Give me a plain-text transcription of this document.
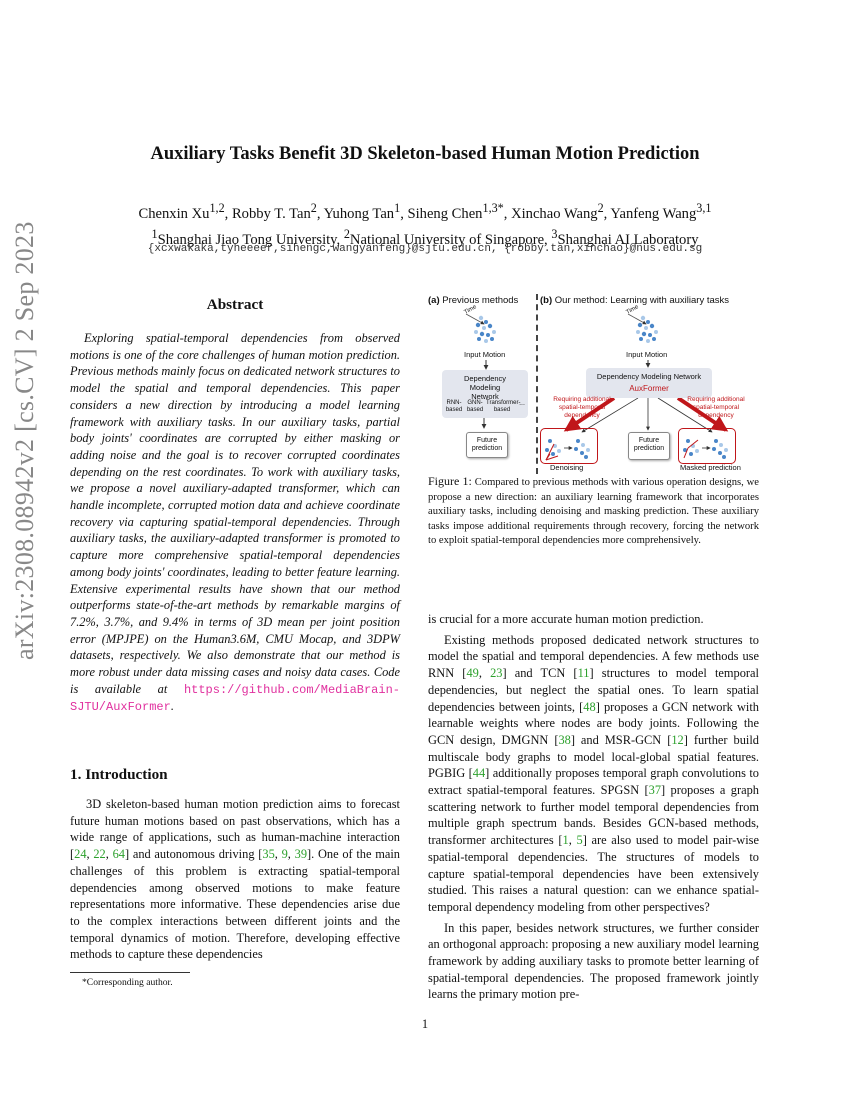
arXiv:2308.08942v2 [cs.CV] 2 Sep 2023
Auxiliary Tasks Benefit 3D Skeleton-based Human Motion Prediction
Chenxin Xu$^{1,2}$, Robby T. Tan$^2$, Yuhong Tan$^1$, Siheng Chen$^{1,3*}$, Xinchao Wang$^2$, Yanfeng Wang$^{3,1}$
$^1$Shanghai Jiao Tong University, $^2$National University of Singapore, $^3$Shanghai AI Laboratory
{xcxwakaka,tyheeeer,sihengc,wangyanfeng}@sjtu.edu.cn, {robby.tan,xinchao}@nus.edu.sg
Abstract
Exploring spatial-temporal dependencies from observed motions is one of the core challenges of human motion prediction. Previous methods mainly focus on dedicated network structures to model the spatial and temporal dependencies. This paper considers a new direction by introducing a model learning framework with auxiliary tasks. In our auxiliary tasks, partial body joints' coordinates are corrupted by either masking or adding noise and the goal is to recover corrupted coordinates depending on the rest coordinates. To work with auxiliary tasks, we propose a novel auxiliary-adapted transformer, which can handle incomplete, corrupted motion data and achieve coordinate recovery via capturing spatial-temporal dependencies. Through auxiliary tasks, the auxiliary-adapted transformer is promoted to capture more comprehensive spatial-temporal dependencies among body joints' coordinates, leading to better feature learning. Extensive experimental results have shown that our method outperforms state-of-the-art methods by remarkable margins of 7.2%, 3.7%, and 9.4% in terms of 3D mean per joint position error (MPJPE) on the Human3.6M, CMU Mocap, and 3DPW datasets, respectively. We also demonstrate that our method is more robust under data missing cases and noisy data cases. Code is available at https://github.com/MediaBrain-SJTU/AuxFormer.
1. Introduction

3D skeleton-based human motion prediction aims to forecast future human motions based on past observations, which has a wide range of applications, such as human-machine interaction [24, 22, 64] and autonomous driving [35, 9, 39]. One of the main challenges of this problem is extracting spatial-temporal dependencies among observed motions to make feature representations more informative. These dependencies arise due to the complex interactions between different joints and the temporal dynamics of motion. Therefore, developing effective methods to capture these dependencies

*Corresponding author.
1
(a) Previous methods (b) Our method: Learning with auxiliary tasks
Time	Time
Input Motion	Input Motion
Dependency Modeling Network
RNN-based
GNN-based
Transformer-based
...
Future prediction
Dependency Modeling Network
AuxFormer
Requiring additional spatial-temporal dependency
Requiring additional spatial-temporal dependency
Future prediction
Denoising	Masked prediction
Figure 1: Compared to previous methods with various operation designs, we propose a new direction: an auxiliary learning framework that incorporates auxiliary tasks, including denoising and masking prediction. These auxiliary tasks impose additional requirements through recovery, forcing the network to exploit spatial-temporal dependencies more comprehensively.

is crucial for a more accurate human motion prediction.

Existing methods proposed dedicated network structures to model the spatial and temporal dependencies. A few methods use RNN [49, 23] and TCN [11] structures to model temporal dependencies, but neglect the spatial ones. To learn spatial dependencies between joints, [48] proposes a GCN network with learnable weights where nodes are body joints. Following the GCN design, DMGNN [38] and MSR-GCN [12] further build multiscale body graphs to model local-global spatial features. PGBIG [44] additionally proposes temporal graph convolutions to extract spatial-temporal features. SPGSN [37] proposes a graph scattering network to further model temporal dependencies from multiple graph spectrum bands. Besides GCN-based methods, transformer architectures [1, 5] are also used to model pair-wise spatial-temporal dependencies. The structures of models to capture spatial-temporal dependencies have been extensively studied. This raises a natural question: can we enhance spatial-temporal dependency modeling from other perspectives?

In this paper, besides network structures, we further consider an orthogonal approach: proposing a new auxiliary model learning framework by adding auxiliary tasks to promote better learning of spatial-temporal dependencies. The proposed framework jointly learns the primary motion pre-
